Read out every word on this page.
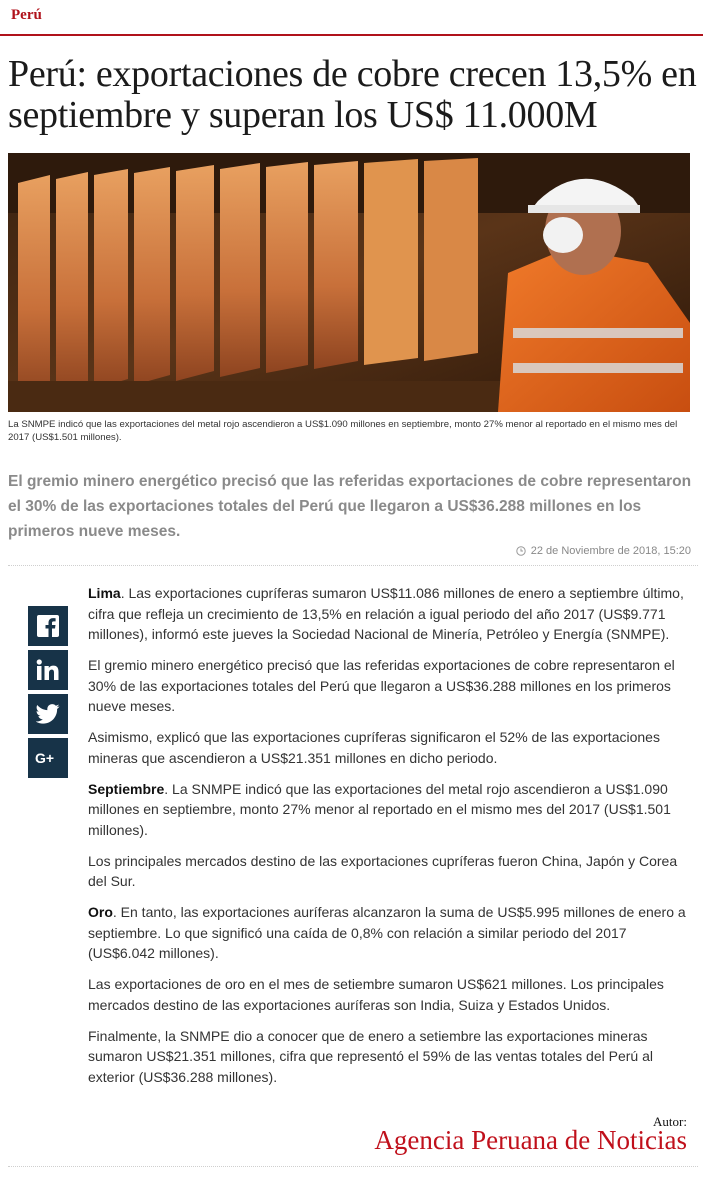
Perú
Perú: exportaciones de cobre crecen 13,5% en septiembre y superan los US$ 11.000M
La SNMPE indicó que las exportaciones del metal rojo ascendieron a US$1.090 millones en septiembre, monto 27% menor al reportado en el mismo mes del 2017 (US$1.501 millones).
El gremio minero energético precisó que las referidas exportaciones de cobre representaron el 30% de las exportaciones totales del Perú que llegaron a US$36.288 millones en los primeros nueve meses.
22 de Noviembre de 2018, 15:20
G+

Lima. Las exportaciones cupríferas sumaron US$11.086 millones de enero a septiembre último, cifra que refleja un crecimiento de 13,5% en relación a igual periodo del año 2017 (US$9.771 millones), informó este jueves la Sociedad Nacional de Minería, Petróleo y Energía (SNMPE).

El gremio minero energético precisó que las referidas exportaciones de cobre representaron el 30% de las exportaciones totales del Perú que llegaron a US$36.288 millones en los primeros nueve meses.

Asimismo, explicó que las exportaciones cupríferas significaron el 52% de las exportaciones mineras que ascendieron a US$21.351 millones en dicho periodo.

Septiembre. La SNMPE indicó que las exportaciones del metal rojo ascendieron a US$1.090 millones en septiembre, monto 27% menor al reportado en el mismo mes del 2017 (US$1.501 millones).

Los principales mercados destino de las exportaciones cupríferas fueron China, Japón y Corea del Sur.

Oro. En tanto, las exportaciones auríferas alcanzaron la suma de US$5.995 millones de enero a septiembre. Lo que significó una caída de 0,8% con relación a similar periodo del 2017 (US$6.042 millones).

Las exportaciones de oro en el mes de setiembre sumaron US$621 millones. Los principales mercados destino de las exportaciones auríferas son India, Suiza y Estados Unidos.

Finalmente, la SNMPE dio a conocer que de enero a setiembre las exportaciones mineras sumaron US$21.351 millones, cifra que representó el 59% de las ventas totales del Perú al exterior (US$36.288 millones).

Autor:
Agencia Peruana de Noticias
